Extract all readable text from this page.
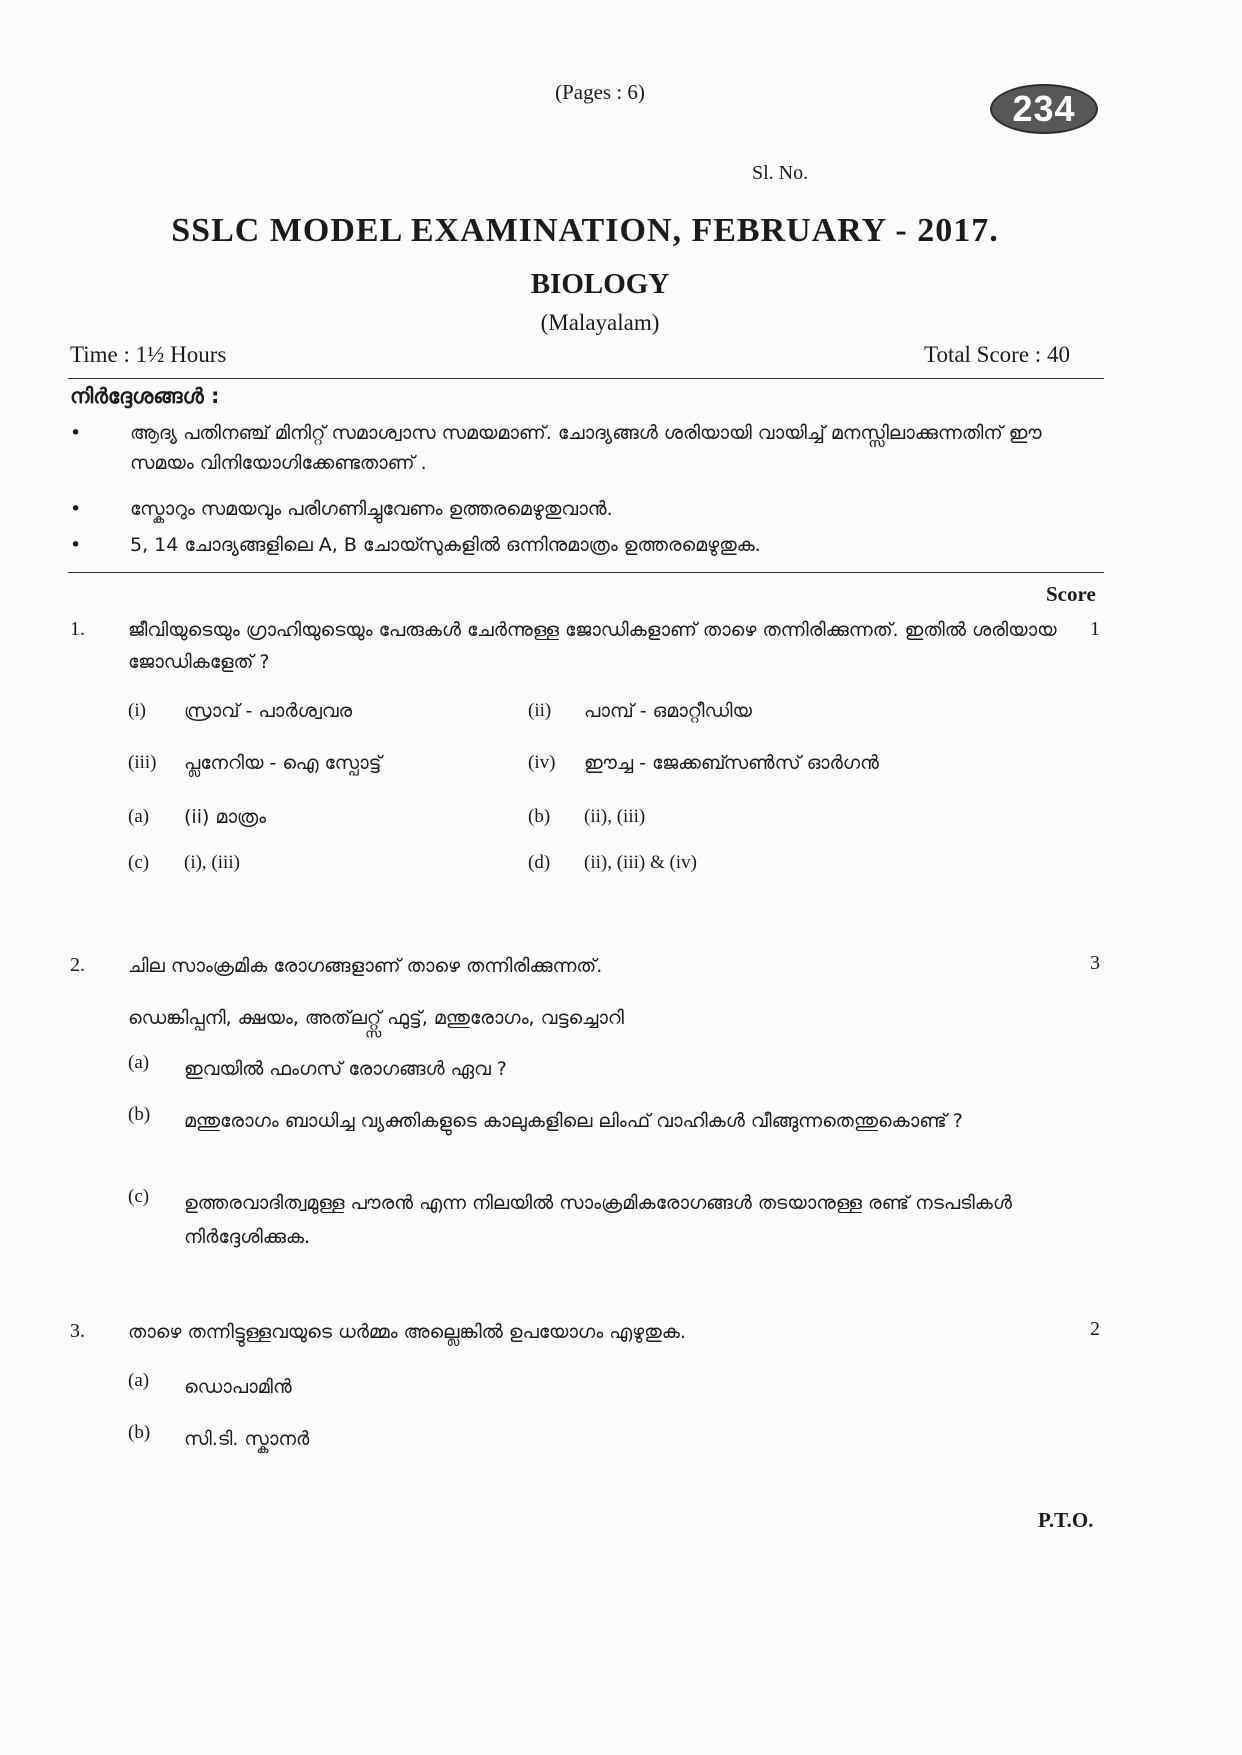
(Pages : 6)	234
Sl. No.
SSLC MODEL EXAMINATION, FEBRUARY - 2017.
BIOLOGY
(Malayalam)
Time : 1½ Hours	Total Score : 40
നിർദ്ദേശങ്ങൾ :
•	ആദ്യ പതിനഞ്ച് മിനിറ്റ് സമാശ്വാസ സമയമാണ്. ചോദ്യങ്ങൾ ശരിയായി വായിച്ച് മനസ്സിലാക്കുന്നതിന് ഈ സമയം വിനിയോഗിക്കേണ്ടതാണ് .
•	സ്കോറും സമയവും പരിഗണിച്ചുവേണം ഉത്തരമെഴുതുവാൻ.
•	5, 14 ചോദ്യങ്ങളിലെ A, B ചോയ്സുകളിൽ ഒന്നിനുമാത്രം ഉത്തരമെഴുതുക.
Score
1. ജീവിയുടെയും ഗ്രാഹിയുടെയും പേരുകൾ ചേർന്നുള്ള ജോഡികളാണ് താഴെ തന്നിരിക്കുന്നത്. ഇതിൽ ശരിയായ ജോഡികളേത് ?
1
(i) സ്രാവ് - പാർശ്വവര	(ii) പാമ്പ് - ഒമാറ്റീഡിയ
(iii) പ്ലനേറിയ - ഐ സ്പോട്ട്	(iv) ഈച്ച - ജേക്കബ്സൺസ് ഓർഗൻ
(a) (ii) മാത്രം	(b) (ii), (iii)
(c) (i), (iii)	(d) (ii), (iii) & (iv)
2. ചില സാംക്രമിക രോഗങ്ങളാണ് താഴെ തന്നിരിക്കുന്നത്.	3
ഡെങ്കിപ്പനി, ക്ഷയം, അത്‌ലറ്റ്സ് ഫുട്ട്, മന്തുരോഗം, വട്ടച്ചൊറി
(a) ഇവയിൽ ഫംഗസ് രോഗങ്ങൾ ഏവ ?
(b) മന്തുരോഗം ബാധിച്ച വ്യക്തികളുടെ കാലുകളിലെ ലിംഫ് വാഹികൾ വീങ്ങുന്നതെന്തുകൊണ്ട് ?
(c) ഉത്തരവാദിത്വമുള്ള പൗരൻ എന്ന നിലയിൽ സാംക്രമികരോഗങ്ങൾ തടയാനുള്ള രണ്ട് നടപടികൾ നിർദ്ദേശിക്കുക.
3. താഴെ തന്നിട്ടുള്ളവയുടെ ധർമ്മം അല്ലെങ്കിൽ ഉപയോഗം എഴുതുക.	2
(a) ഡൊപാമിൻ
(b) സി.ടി. സ്കാനർ
P.T.O.
